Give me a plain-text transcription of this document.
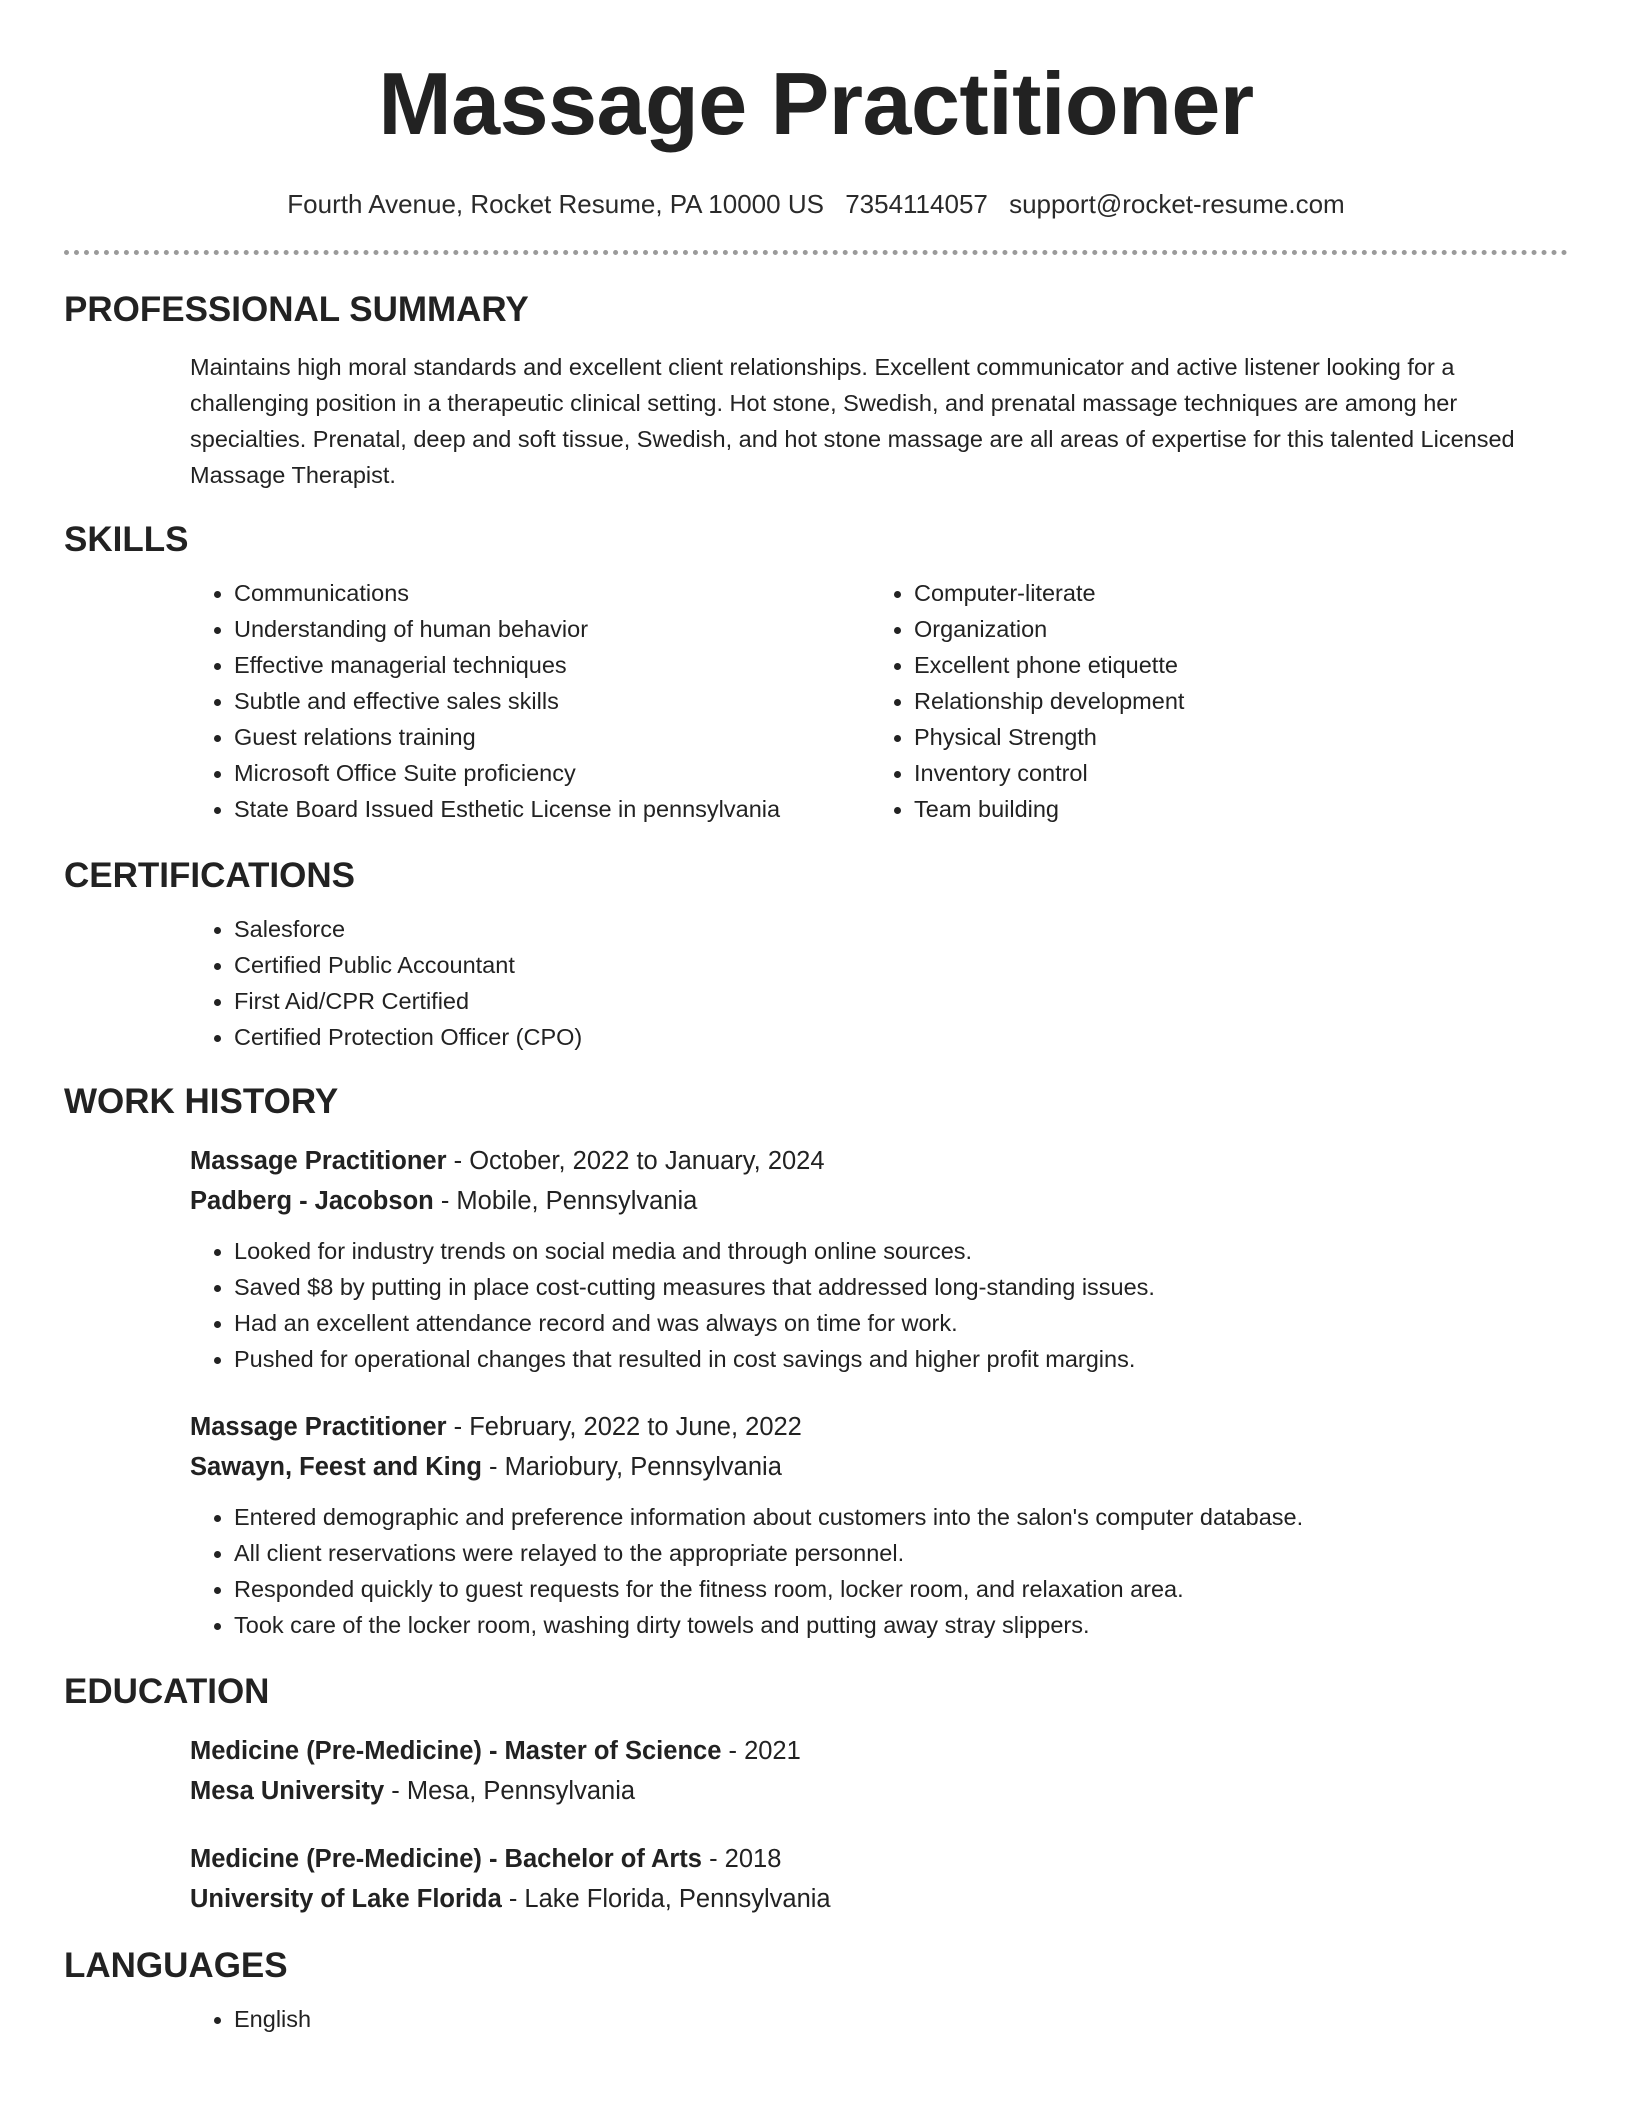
Massage Practitioner
Fourth Avenue, Rocket Resume, PA 10000 US 7354114057 support@rocket-resume.com
PROFESSIONAL SUMMARY

Maintains high moral standards and excellent client relationships. Excellent communicator and active listener looking for a challenging position in a therapeutic clinical setting. Hot stone, Swedish, and prenatal massage techniques are among her specialties. Prenatal, deep and soft tissue, Swedish, and hot stone massage are all areas of expertise for this talented Licensed Massage Therapist.

SKILLS
• Communications
• Understanding of human behavior
• Effective managerial techniques
• Subtle and effective sales skills
• Guest relations training
• Microsoft Office Suite proficiency
• State Board Issued Esthetic License in pennsylvania
• Computer-literate
• Organization
• Excellent phone etiquette
• Relationship development
• Physical Strength
• Inventory control
• Team building
CERTIFICATIONS
• Salesforce
• Certified Public Accountant
• First Aid/CPR Certified
• Certified Protection Officer (CPO)
WORK HISTORY
Massage Practitioner - October, 2022 to January, 2024
Padberg - Jacobson - Mobile, Pennsylvania
• Looked for industry trends on social media and through online sources.
• Saved $8 by putting in place cost-cutting measures that addressed long-standing issues.
• Had an excellent attendance record and was always on time for work.
• Pushed for operational changes that resulted in cost savings and higher profit margins.
Massage Practitioner - February, 2022 to June, 2022
Sawayn, Feest and King - Mariobury, Pennsylvania
• Entered demographic and preference information about customers into the salon's computer database.
• All client reservations were relayed to the appropriate personnel.
• Responded quickly to guest requests for the fitness room, locker room, and relaxation area.
• Took care of the locker room, washing dirty towels and putting away stray slippers.
EDUCATION
Medicine (Pre-Medicine) - Master of Science - 2021
Mesa University - Mesa, Pennsylvania
Medicine (Pre-Medicine) - Bachelor of Arts - 2018
University of Lake Florida - Lake Florida, Pennsylvania
LANGUAGES
• English
